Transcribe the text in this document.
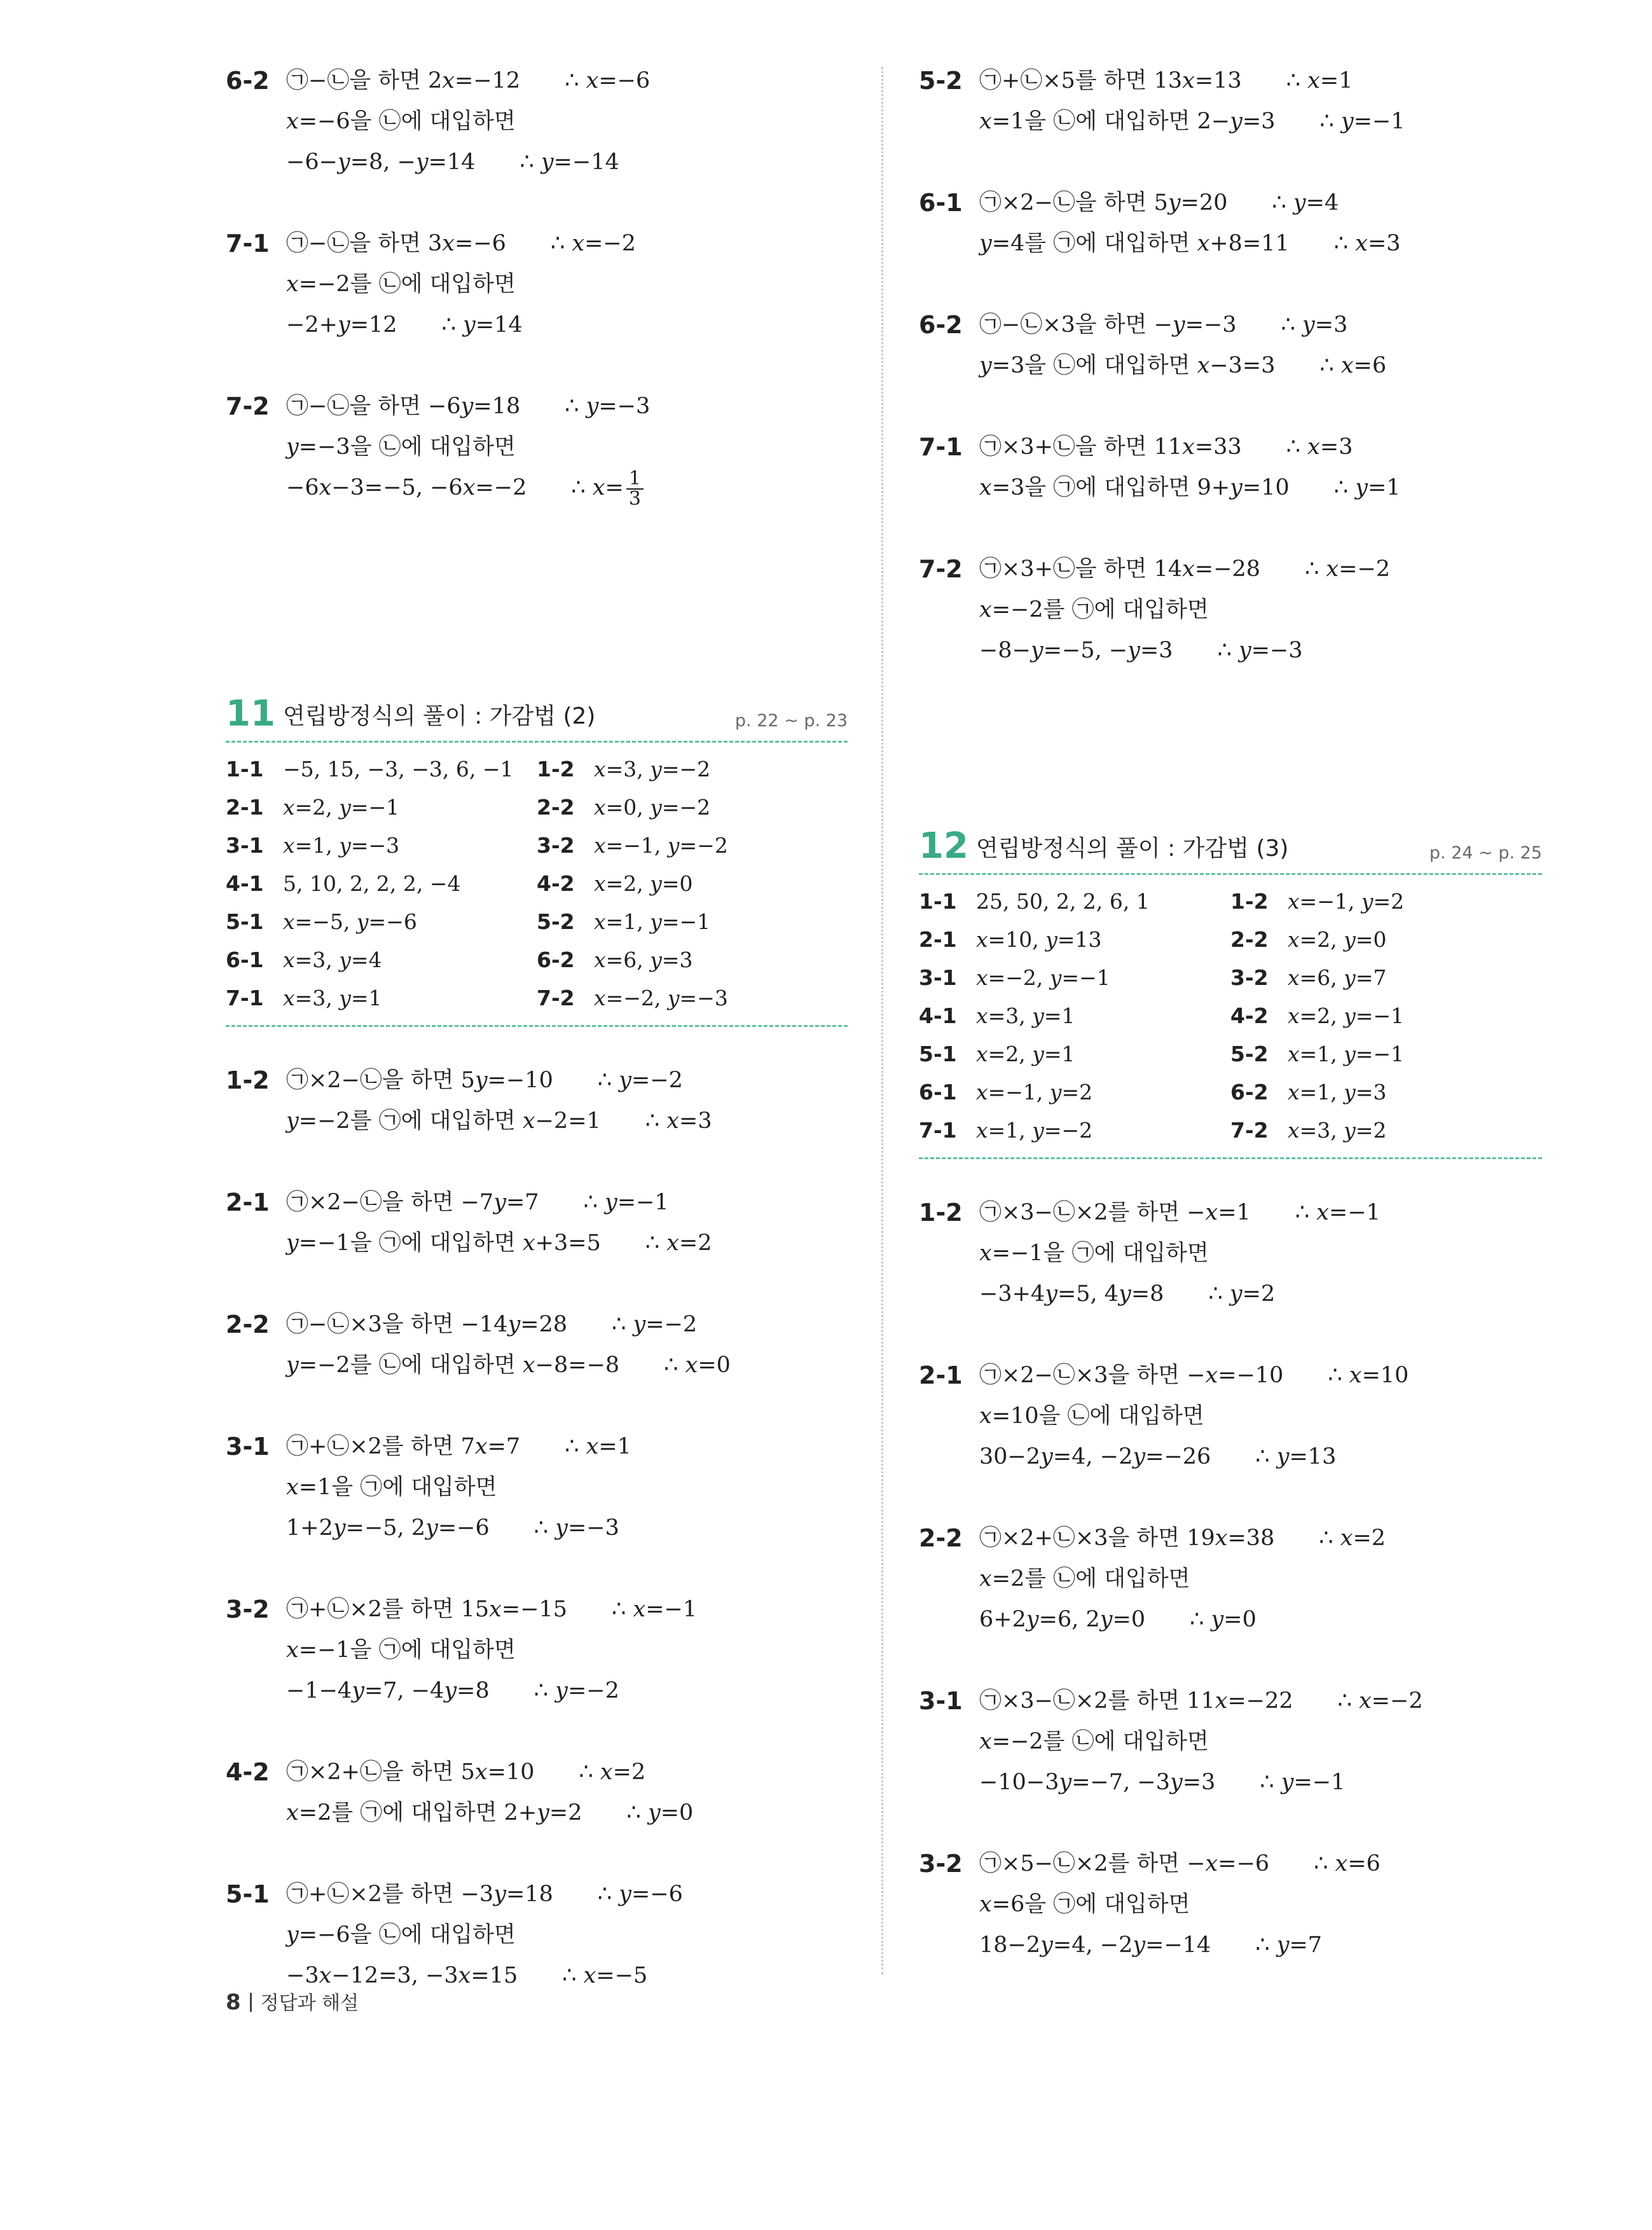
6-2 ㉠−㉡을 하면 2𝑥=−12 ∴ 𝑥=−6
𝑥=−6을 ㉡에 대입하면
−6−𝑦=8, −𝑦=14 ∴ 𝑦=−14
7-1 ㉠−㉡을 하면 3𝑥=−6 ∴ 𝑥=−2
𝑥=−2를 ㉡에 대입하면
−2+𝑦=12 ∴ 𝑦=14
7-2 ㉠−㉡을 하면 −6𝑦=18 ∴ 𝑦=−3
𝑦=−3을 ㉡에 대입하면
−6𝑥−3=−5, −6𝑥=−2 ∴ 𝑥= $\frac{1}{3}$
11 연립방정식의 풀이 : 가감법 (2)	p. 22 ~ p. 23
1-1 −5, 15, −3, −3, 6, −1	1-2 𝑥=3, 𝑦=−2
2-1 𝑥=2, 𝑦=−1	2-2 𝑥=0, 𝑦=−2
3-1 𝑥=1, 𝑦=−3	3-2 𝑥=−1, 𝑦=−2
4-1 5, 10, 2, 2, 2, −4	4-2 𝑥=2, 𝑦=0
5-1 𝑥=−5, 𝑦=−6	5-2 𝑥=1, 𝑦=−1
6-1 𝑥=3, 𝑦=4	6-2 𝑥=6, 𝑦=3
7-1 𝑥=3, 𝑦=1	7-2 𝑥=−2, 𝑦=−3
1-2 ㉠×2−㉡을 하면 5𝑦=−10 ∴ 𝑦=−2
𝑦=−2를 ㉠에 대입하면 𝑥−2=1 ∴ 𝑥=3
2-1 ㉠×2−㉡을 하면 −7𝑦=7 ∴ 𝑦=−1
𝑦=−1을 ㉠에 대입하면 𝑥+3=5 ∴ 𝑥=2
2-2 ㉠−㉡×3을 하면 −14𝑦=28 ∴ 𝑦=−2
𝑦=−2를 ㉡에 대입하면 𝑥−8=−8 ∴ 𝑥=0
3-1 ㉠+㉡×2를 하면 7𝑥=7 ∴ 𝑥=1
𝑥=1을 ㉠에 대입하면
1+2𝑦=−5, 2𝑦=−6 ∴ 𝑦=−3
3-2 ㉠+㉡×2를 하면 15𝑥=−15 ∴ 𝑥=−1
𝑥=−1을 ㉠에 대입하면
−1−4𝑦=7, −4𝑦=8 ∴ 𝑦=−2
4-2 ㉠×2+㉡을 하면 5𝑥=10 ∴ 𝑥=2
𝑥=2를 ㉠에 대입하면 2+𝑦=2 ∴ 𝑦=0
5-1 ㉠+㉡×2를 하면 −3𝑦=18 ∴ 𝑦=−6
𝑦=−6을 ㉡에 대입하면
−3𝑥−12=3, −3𝑥=15 ∴ 𝑥=−5
5-2 ㉠+㉡×5를 하면 13𝑥=13 ∴ 𝑥=1
𝑥=1을 ㉡에 대입하면 2−𝑦=3 ∴ 𝑦=−1
6-1 ㉠×2−㉡을 하면 5𝑦=20 ∴ 𝑦=4
𝑦=4를 ㉠에 대입하면 𝑥+8=11 ∴ 𝑥=3
6-2 ㉠−㉡×3을 하면 −𝑦=−3 ∴ 𝑦=3
𝑦=3을 ㉡에 대입하면 𝑥−3=3 ∴ 𝑥=6
7-1 ㉠×3+㉡을 하면 11𝑥=33 ∴ 𝑥=3
𝑥=3을 ㉠에 대입하면 9+𝑦=10 ∴ 𝑦=1
7-2 ㉠×3+㉡을 하면 14𝑥=−28 ∴ 𝑥=−2
𝑥=−2를 ㉠에 대입하면
−8−𝑦=−5, −𝑦=3 ∴ 𝑦=−3
12 연립방정식의 풀이 : 가감법 (3)	p. 24 ~ p. 25
1-1 25, 50, 2, 2, 6, 1	1-2 𝑥=−1, 𝑦=2
2-1 𝑥=10, 𝑦=13	2-2 𝑥=2, 𝑦=0
3-1 𝑥=−2, 𝑦=−1	3-2 𝑥=6, 𝑦=7
4-1 𝑥=3, 𝑦=1	4-2 𝑥=2, 𝑦=−1
5-1 𝑥=2, 𝑦=1	5-2 𝑥=1, 𝑦=−1
6-1 𝑥=−1, 𝑦=2	6-2 𝑥=1, 𝑦=3
7-1 𝑥=1, 𝑦=−2	7-2 𝑥=3, 𝑦=2
1-2 ㉠×3−㉡×2를 하면 −𝑥=1 ∴ 𝑥=−1
𝑥=−1을 ㉠에 대입하면
−3+4𝑦=5, 4𝑦=8 ∴ 𝑦=2
2-1 ㉠×2−㉡×3을 하면 −𝑥=−10 ∴ 𝑥=10
𝑥=10을 ㉡에 대입하면
30−2𝑦=4, −2𝑦=−26 ∴ 𝑦=13
2-2 ㉠×2+㉡×3을 하면 19𝑥=38 ∴ 𝑥=2
𝑥=2를 ㉡에 대입하면
6+2𝑦=6, 2𝑦=0 ∴ 𝑦=0
3-1 ㉠×3−㉡×2를 하면 11𝑥=−22 ∴ 𝑥=−2
𝑥=−2를 ㉡에 대입하면
−10−3𝑦=−7, −3𝑦=3 ∴ 𝑦=−1
3-2 ㉠×5−㉡×2를 하면 −𝑥=−6 ∴ 𝑥=6
𝑥=6을 ㉠에 대입하면
18−2𝑦=4, −2𝑦=−14 ∴ 𝑦=7
8 정답과 해설
